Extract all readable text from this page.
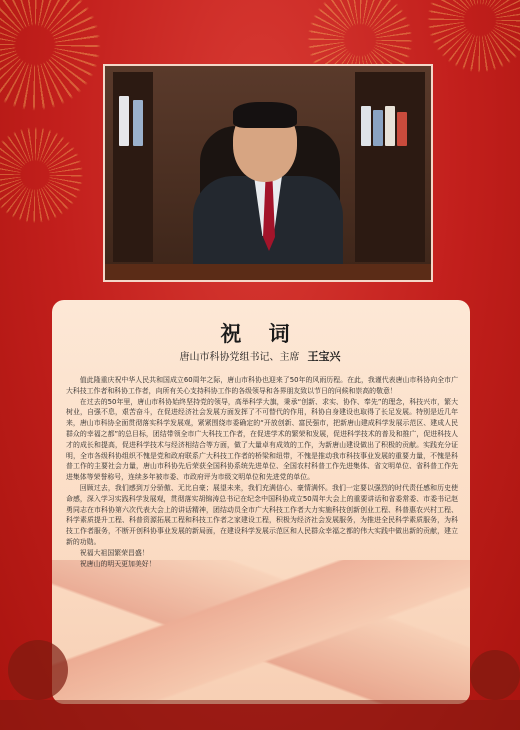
祝 词
唐山市科协党组书记、主席 王宝兴

值此隆重庆祝中华人民共和国成立60周年之际，唐山市科协也迎来了50年的风雨历程。在此，我谨代表唐山市科协向全市广大科技工作者和科协工作者，向所有关心支持科协工作的各级领导和各界朋友致以节日的问候和崇高的敬意！

在过去的50年里，唐山市科协始终坚持党的领导，高举科学大旗，秉承“创新、求实、协作、奉先”的理念，科技兴市，繁大树业，自强不息，艰苦奋斗，在促进经济社会发展方面发挥了不可替代的作用，科协自身建设也取得了长足发展。特别是近几年来，唐山市科协全面贯彻落实科学发展观，紧紧围绕市委确定的“开放创新、富民强市，把新唐山建成科学发展示范区、建成人民群众的幸福之都”的总目标，团结带领全市广大科技工作者，在促进学术的繁荣和发展，促进科学技术的普及和推广，促进科技人才的成长和提高，促进科学技术与经济相结合等方面，做了大量卓有成效的工作，为新唐山建设做出了积极的贡献。实践充分证明，全市各级科协组织不愧是党和政府联系广大科技工作者的桥梁和纽带，不愧是推动我市科技事业发展的重要力量，不愧是科普工作的主要社会力量，唐山市科协先后荣获全国科协系统先进单位、全国农村科普工作先进集体、省文明单位、省科普工作先进集体等荣誉称号，连续多年被市委、市政府评为市级文明单位和先进党的单位。

回顾过去，我们感到万分骄傲、无比自豪；展望未来，我们充满信心、豪情满怀。我们一定要以强烈的时代责任感和历史使命感，深入学习实践科学发展观，贯彻落实胡锦涛总书记在纪念中国科协成立50周年大会上的重要讲话和省委常委、市委书记赵勇同志在市科协第六次代表大会上的讲话精神，团结动员全市广大科技工作者大力实施科技创新创业工程、科普惠农兴村工程、科学素质提升工程、科普资源拓展工程和科技工作者之家建设工程，积极为经济社会发展服务，为推进全民科学素质服务，为科技工作者服务，不断开创科协事业发展的新局面，在建设科学发展示范区和人民群众幸福之都的伟大实践中做出新的贡献，建立新的功勋。

祝福大祖国繁荣昌盛！

祝唐山的明天更加美好！
